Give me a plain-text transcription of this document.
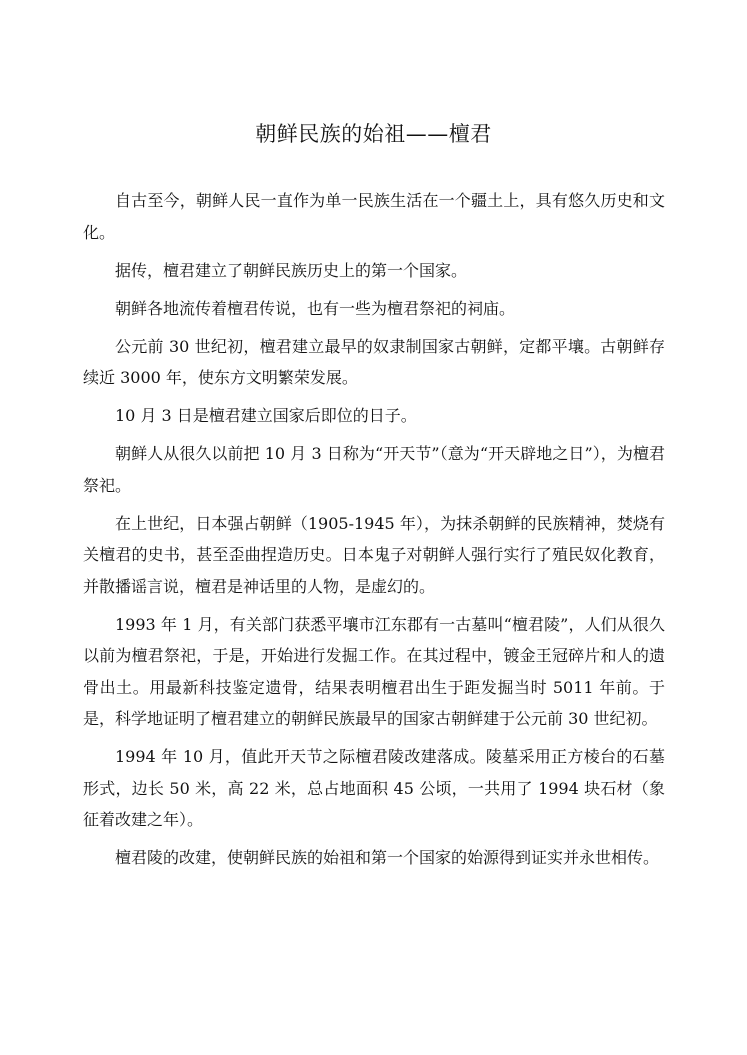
朝鲜民族的始祖——檀君

自古至今，朝鲜人民一直作为单一民族生活在一个疆土上，具有悠久历史和文化。

据传，檀君建立了朝鲜民族历史上的第一个国家。

朝鲜各地流传着檀君传说，也有一些为檀君祭祀的祠庙。

公元前 30 世纪初，檀君建立最早的奴隶制国家古朝鲜，定都平壤。古朝鲜存续近 3000 年，使东方文明繁荣发展。

10 月 3 日是檀君建立国家后即位的日子。

朝鲜人从很久以前把 10 月 3 日称为“开天节”（意为“开天辟地之日”），为檀君祭祀。

在上世纪，日本强占朝鲜（1905-1945 年），为抹杀朝鲜的民族精神，焚烧有关檀君的史书，甚至歪曲捏造历史。日本鬼子对朝鲜人强行实行了殖民奴化教育，并散播谣言说，檀君是神话里的人物，是虚幻的。

1993 年 1 月，有关部门获悉平壤市江东郡有一古墓叫“檀君陵”，人们从很久以前为檀君祭祀，于是，开始进行发掘工作。在其过程中，镀金王冠碎片和人的遗骨出土。用最新科技鉴定遗骨，结果表明檀君出生于距发掘当时 5011 年前。于是，科学地证明了檀君建立的朝鲜民族最早的国家古朝鲜建于公元前 30 世纪初。

1994 年 10 月，值此开天节之际檀君陵改建落成。陵墓采用正方棱台的石墓形式，边长 50 米，高 22 米，总占地面积 45 公顷，一共用了 1994 块石材（象征着改建之年）。

檀君陵的改建，使朝鲜民族的始祖和第一个国家的始源得到证实并永世相传。
